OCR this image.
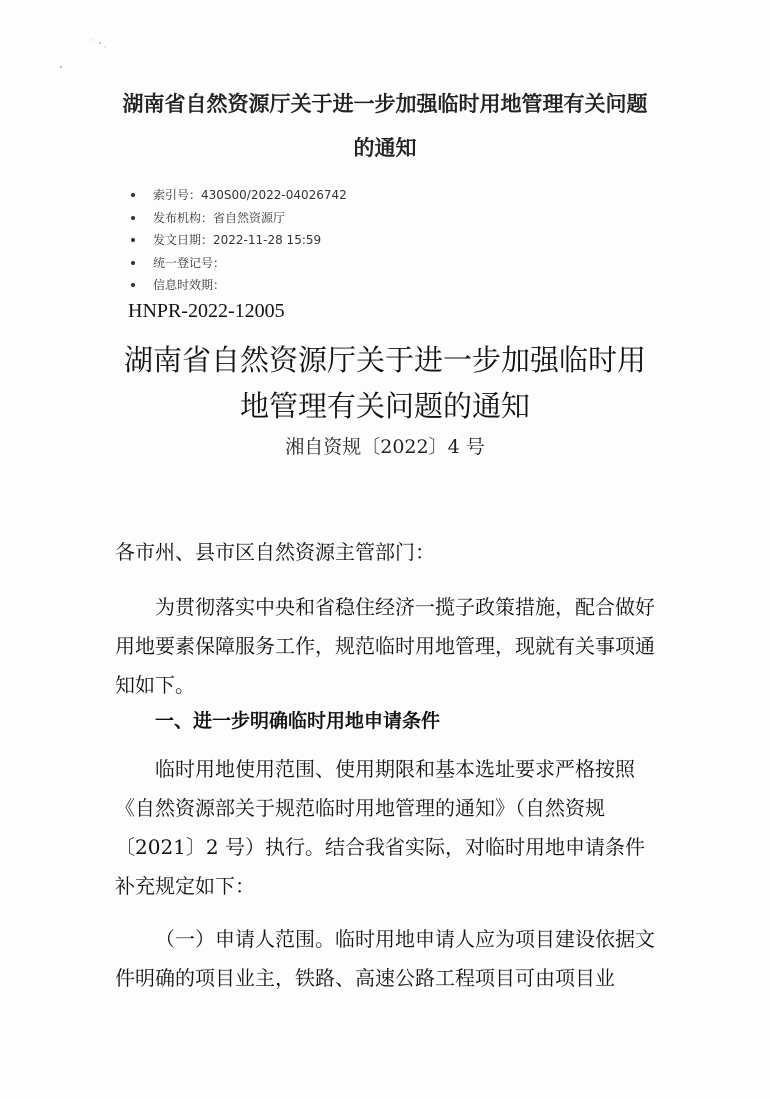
湖南省自然资源厅关于进一步加强临时用地管理有关问题
的通知
索引号：430S00/2022-04026742
发布机构：省自然资源厅
发文日期：2022-11-28 15:59
统一登记号：
信息时效期：
HNPR-2022-12005
湖南省自然资源厅关于进一步加强临时用
地管理有关问题的通知
湘自资规〔2022〕4 号
各市州、县市区自然资源主管部门：

为贯彻落实中央和省稳住经济一揽子政策措施，配合做好用地要素保障服务工作，规范临时用地管理，现就有关事项通知如下。

一、进一步明确临时用地申请条件

临时用地使用范围、使用期限和基本选址要求严格按照《自然资源部关于规范临时用地管理的通知》（自然资规〔2021〕2 号）执行。结合我省实际，对临时用地申请条件补充规定如下：

（一）申请人范围。临时用地申请人应为项目建设依据文件明确的项目业主，铁路、高速公路工程项目可由项目业
